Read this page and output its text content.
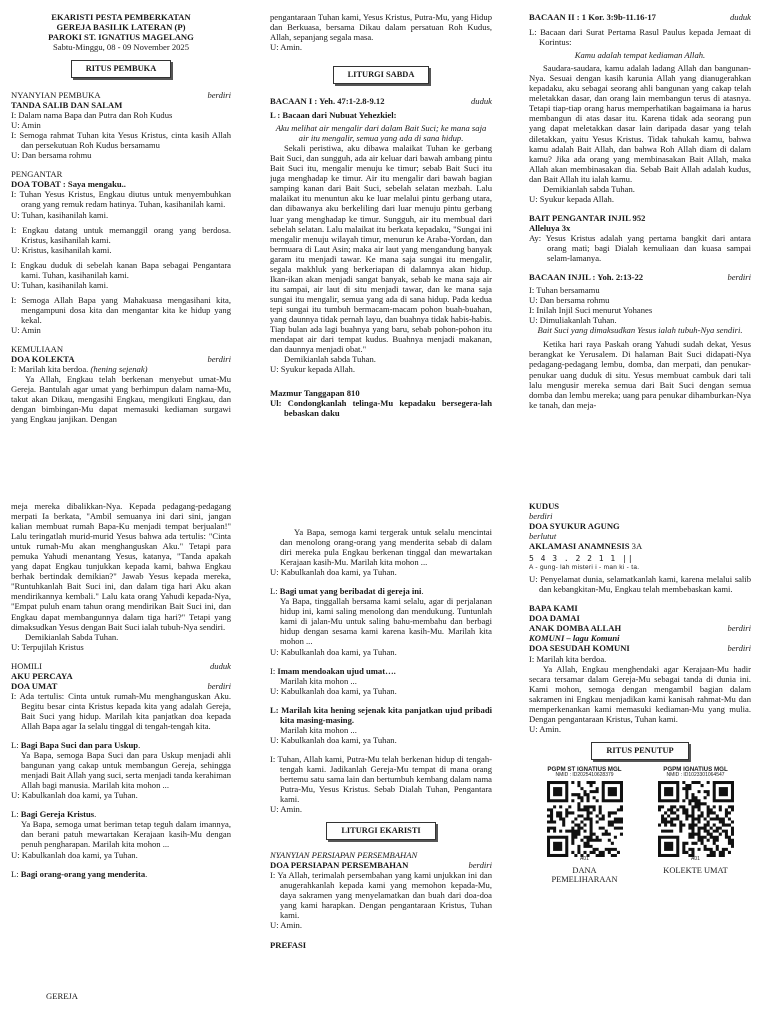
EKARISTI PESTA PEMBERKATAN
GEREJA BASILIK LATERAN (P)
PAROKI ST. IGNATIUS MAGELANG
Sabtu-Minggu, 08 - 09 November 2025
RITUS PEMBUKA
NYANYIAN PEMBUKA	berdiri
TANDA SALIB DAN SALAM
I: Dalam nama Bapa dan Putra dan Roh Kudus
U: Amin
I: Semoga rahmat Tuhan kita Yesus Kristus, cinta kasih Allah dan persekutuan Roh Kudus bersamamu
U: Dan bersama rohmu
PENGANTAR
DOA TOBAT : Saya mengaku..
I: Tuhan Yesus Kristus, Engkau diutus untuk menyembuhkan orang yang remuk redam hatinya. Tuhan, kasihanilah kami.
U: Tuhan, kasihanilah kami.
I: Engkau datang untuk memanggil orang yang berdosa. Kristus, kasihanilah kami.
U: Kristus, kasihanilah kami.
I: Engkau duduk di sebelah kanan Bapa sebagai Pengantara kami. Tuhan, kasihanilah kami.
U: Tuhan, kasihanilah kami.
I: Semoga Allah Bapa yang Mahakuasa mengasihani kita, mengampuni dosa kita dan mengantar kita ke hidup yang kekal.
U: Amin
KEMULIAAN
DOA KOLEKTA	berdiri
I: Marilah kita berdoa. (hening sejenak)
Ya Allah, Engkau telah berkenan menyebut umat-Mu Gereja. Bantulah agar umat yang berhimpun dalam nama-Mu, takut akan Dikau, mengasihi Engkau, mengikuti Engkau, dan dengan bimbingan-Mu dapat memasuki kediaman surgawi yang Engkau janjikan. Dengan
pengantaraan Tuhan kami, Yesus Kristus, Putra-Mu, yang Hidup dan Berkuasa, bersama Dikau dalam persatuan Roh Kudus, Allah, sepanjang segala masa.
U: Amin.
LITURGI SABDA
BACAAN I : Yeh. 47:1-2.8-9.12	duduk
L : Bacaan dari Nubuat Yehezkiel:
Aku melihat air mengalir dari dalam Bait Suci; ke mana saja air itu mengalir, semua yang ada di sana hidup.
Sekali peristiwa, aku dibawa malaikat Tuhan ke gerbang Bait Suci, dan sungguh, ada air keluar dari bawah ambang pintu Bait Suci itu, mengalir menuju ke timur; sebab Bait Suci itu juga menghadap ke timur. Air itu mengalir dari bawah bagian samping kanan dari Bait Suci, sebelah selatan mezbah. Lalu malaikat itu menuntun aku ke luar melalui pintu gerbang utara, dan dibawanya aku berkeliling dari luar menuju pintu gerbang luar yang menghadap ke timur. Sungguh, air itu membual dari sebelah selatan. Lalu malaikat itu berkata kepadaku, "Sungai ini mengalir menuju wilayah timur, menurun ke Araba-Yordan, dan bermuara di Laut Asin; maka air laut yang mengandung banyak garam itu menjadi tawar. Ke mana saja sungai itu mengalir, segala makhluk yang berkeriapan di dalamnya akan hidup. Ikan-ikan akan menjadi sangat banyak, sebab ke mana saja air itu sampai, air laut di situ menjadi tawar, dan ke mana saja sungai itu mengalir, semua yang ada di sana hidup. Pada kedua tepi sungai itu tumbuh bermacam-macam pohon buah-buahan, yang daunnya tidak pernah layu, dan buahnya tidak habis-habis. Tiap bulan ada lagi buahnya yang baru, sebab pohon-pohon itu mendapat air dari tempat kudus. Buahnya menjadi makanan, dan daunnya menjadi obat."
Demikianlah sabda Tuhan.
U: Syukur kepada Allah.
Mazmur Tanggapan 810
Ul: Condongkanlah telinga-Mu kepadaku bersegera-lah bebaskan daku
BACAAN II : 1 Kor. 3:9b-11.16-17	duduk
L: Bacaan dari Surat Pertama Rasul Paulus kepada Jemaat di Korintus:
Kamu adalah tempat kediaman Allah.
Saudara-saudara, kamu adalah ladang Allah dan bangunan-Nya. Sesuai dengan kasih karunia Allah yang dianugerahkan kepadaku, aku sebagai seorang ahli bangunan yang cakap telah meletakkan dasar, dan orang lain membangun terus di atasnya. Tetapi tiap-tiap orang harus memperhatikan bagaimana ia harus membangun di atas dasar itu. Karena tidak ada seorang pun yang dapat meletakkan dasar lain daripada dasar yang telah diletakkan, yaitu Yesus Kristus. Tidak tahukah kamu, bahwa kamu adalah Bait Allah, dan bahwa Roh Allah diam di dalam kamu? Jika ada orang yang membinasakan Bait Allah, maka Allah akan membinasakan dia. Sebab Bait Allah adalah kudus, dan Bait Allah itu ialah kamu.
Demikianlah sabda Tuhan.
U: Syukur kepada Allah.
BAIT PENGANTAR INJIL 952
Alleluya 3x
Ay: Yesus Kristus adalah yang pertama bangkit dari antara orang mati; bagi Dialah kemuliaan dan kuasa sampai selam-lamanya.
BACAAN INJIL : Yoh. 2:13-22	berdiri
I: Tuhan bersamamu
U: Dan bersama rohmu
I: Inilah Injil Suci menurut Yohanes
U: Dimuliakanlah Tuhan.
Bait Suci yang dimaksudkan Yesus ialah tubuh-Nya sendiri.
Ketika hari raya Paskah orang Yahudi sudah dekat, Yesus berangkat ke Yerusalem. Di halaman Bait Suci didapati-Nya pedagang-pedagang lembu, domba, dan merpati, dan penukar-penukar uang duduk di situ. Yesus membuat cambuk dari tali lalu mengusir mereka semua dari Bait Suci dengan semua domba dan lembu mereka; uang para penukar dihamburkan-Nya ke tanah, dan meja-
meja mereka dibalikkan-Nya. Kepada pedagang-pedagang merpati Ia berkata, "Ambil semuanya ini dari sini, jangan kalian membuat rumah Bapa-Ku menjadi tempat berjualan!" Lalu teringatlah murid-murid Yesus bahwa ada tertulis: "Cinta untuk rumah-Mu akan menghanguskan Aku." Tetapi para pemuka Yahudi menantang Yesus, katanya, "Tanda apakah yang dapat Engkau tunjukkan kepada kami, bahwa Engkau berhak bertindak demikian?" Jawab Yesus kepada mereka, "Runtuhkanlah Bait Suci ini, dan dalam tiga hari Aku akan mendirikannya kembali." Lalu kata orang Yahudi kepada-Nya, "Empat puluh enam tahun orang mendirikan Bait Suci ini, dan Engkau dapat membangunnya dalam tiga hari?" Tetapi yang dimaksudkan Yesus dengan Bait Suci ialah tubuh-Nya sendiri.
Demikianlah Sabda Tuhan.
U: Terpujilah Kristus
HOMILI	duduk
AKU PERCAYA
DOA UMAT	berdiri
I: Ada tertulis: Cinta untuk rumah-Mu menghanguskan Aku. Begitu besar cinta Kristus kepada kita yang adalah Gereja, Bait Suci yang hidup. Marilah kita panjatkan doa kepada Allah Bapa agar Ia selalu tinggal di tengah-tengah kita.
L: Bagi Bapa Suci dan para Uskup.
Ya Bapa, semoga Bapa Suci dan para Uskup menjadi ahli bangunan yang cakap untuk membangun Gereja, sehingga menjadi Bait Allah yang suci, serta menjadi tanda kerahiman Allah bagi manusia. Marilah kita mohon ...
U: Kabulkanlah doa kami, ya Tuhan.
L: Bagi Gereja Kristus.
Ya Bapa, semoga umat beriman tetap teguh dalam imannya, dan berani patuh mewartakan Kerajaan kasih-Mu dengan penuh pengharapan. Marilah kita mohon ...
U: Kabulkanlah doa kami, ya Tuhan.
L: Bagi orang-orang yang menderita.
GEREJA
Ya Bapa, semoga kami tergerak untuk selalu mencintai dan menolong orang-orang yang menderita sebab di dalam diri mereka pula Engkau berkenan tinggal dan mewartakan Kerajaan kasih-Mu. Marilah kita mohon ...
U: Kabulkanlah doa kami, ya Tuhan.
L: Bagi umat yang beribadat di gereja ini.
Ya Bapa, tinggallah bersama kami selalu, agar di perjalanan hidup ini, kami saling menolong dan mendukung. Tuntunlah kami di jalan-Mu untuk saling bahu-membahu dan berbagi hidup dengan sesama kami karena kasih-Mu. Marilah kita mohon ...
U: Kabulkanlah doa kami, ya Tuhan.
I: Imam mendoakan ujud umat….
Marilah kita mohon ...
U: Kabulkanlah doa kami, ya Tuhan.
L: Marilah kita hening sejenak kita panjatkan ujud pribadi kita masing-masing.
Marilah kita mohon ...
U: Kabulkanlah doa kami, ya Tuhan.
I: Tuhan, Allah kami, Putra-Mu telah berkenan hidup di tengah-tengah kami. Jadikanlah Gereja-Mu tempat di mana orang bertemu satu sama lain dan bertumbuh kembang dalam nama Putra-Mu, Yesus Kristus. Sebab Dialah Tuhan, Pengantara kami.
U: Amin.
LITURGI EKARISTI
NYANYIAN PERSIAPAN PERSEMBAHAN
DOA PERSIAPAN PERSEMBAHAN	berdiri
I: Ya Allah, terimalah persembahan yang kami unjukkan ini dan anugerahkanlah kepada kami yang memohon kepada-Mu, daya sakramen yang menyelamatkan dan buah dari doa-doa yang kami harapkan. Dengan pengantaraan Kristus, Tuhan kami.
U: Amin.
PREFASI
KUDUS
berdiri
DOA SYUKUR AGUNG
berlutut
AKLAMASI ANAMNESIS 3A
5 4 3 . 2 2 1 1 ||
A - gung- lah misteri i - man ki - ta.
U: Penyelamat dunia, selamatkanlah kami, karena melalui salib dan kebangkitan-Mu, Engkau telah membebaskan kami.
BAPA KAMI
DOA DAMAI
ANAK DOMBA ALLAH	berdiri
KOMUNI – lagu Komuni
DOA SESUDAH KOMUNI	berdiri
I: Marilah kita berdoa.
Ya Allah, Engkau menghendaki agar Kerajaan-Mu hadir secara tersamar dalam Gereja-Mu sebagai tanda di dunia ini. Kami mohon, semoga dengan mengambil bagian dalam sakramen ini Engkau menjadikan kami kanisah rahmat-Mu dan memperkenankan kami memasuki kediaman-Mu yang mulia. Dengan pengantaraan Kristus, Tuhan kami.
U: Amin.
RITUS PENUTUP
PGPM ST IGNATIUS MGL
NMID : ID2025410628379
A01
DANA
PEMELIHARAAN
PGPM IGNATIUS MGL
NMID : ID1023301064547
A01
KOLEKTE UMAT
